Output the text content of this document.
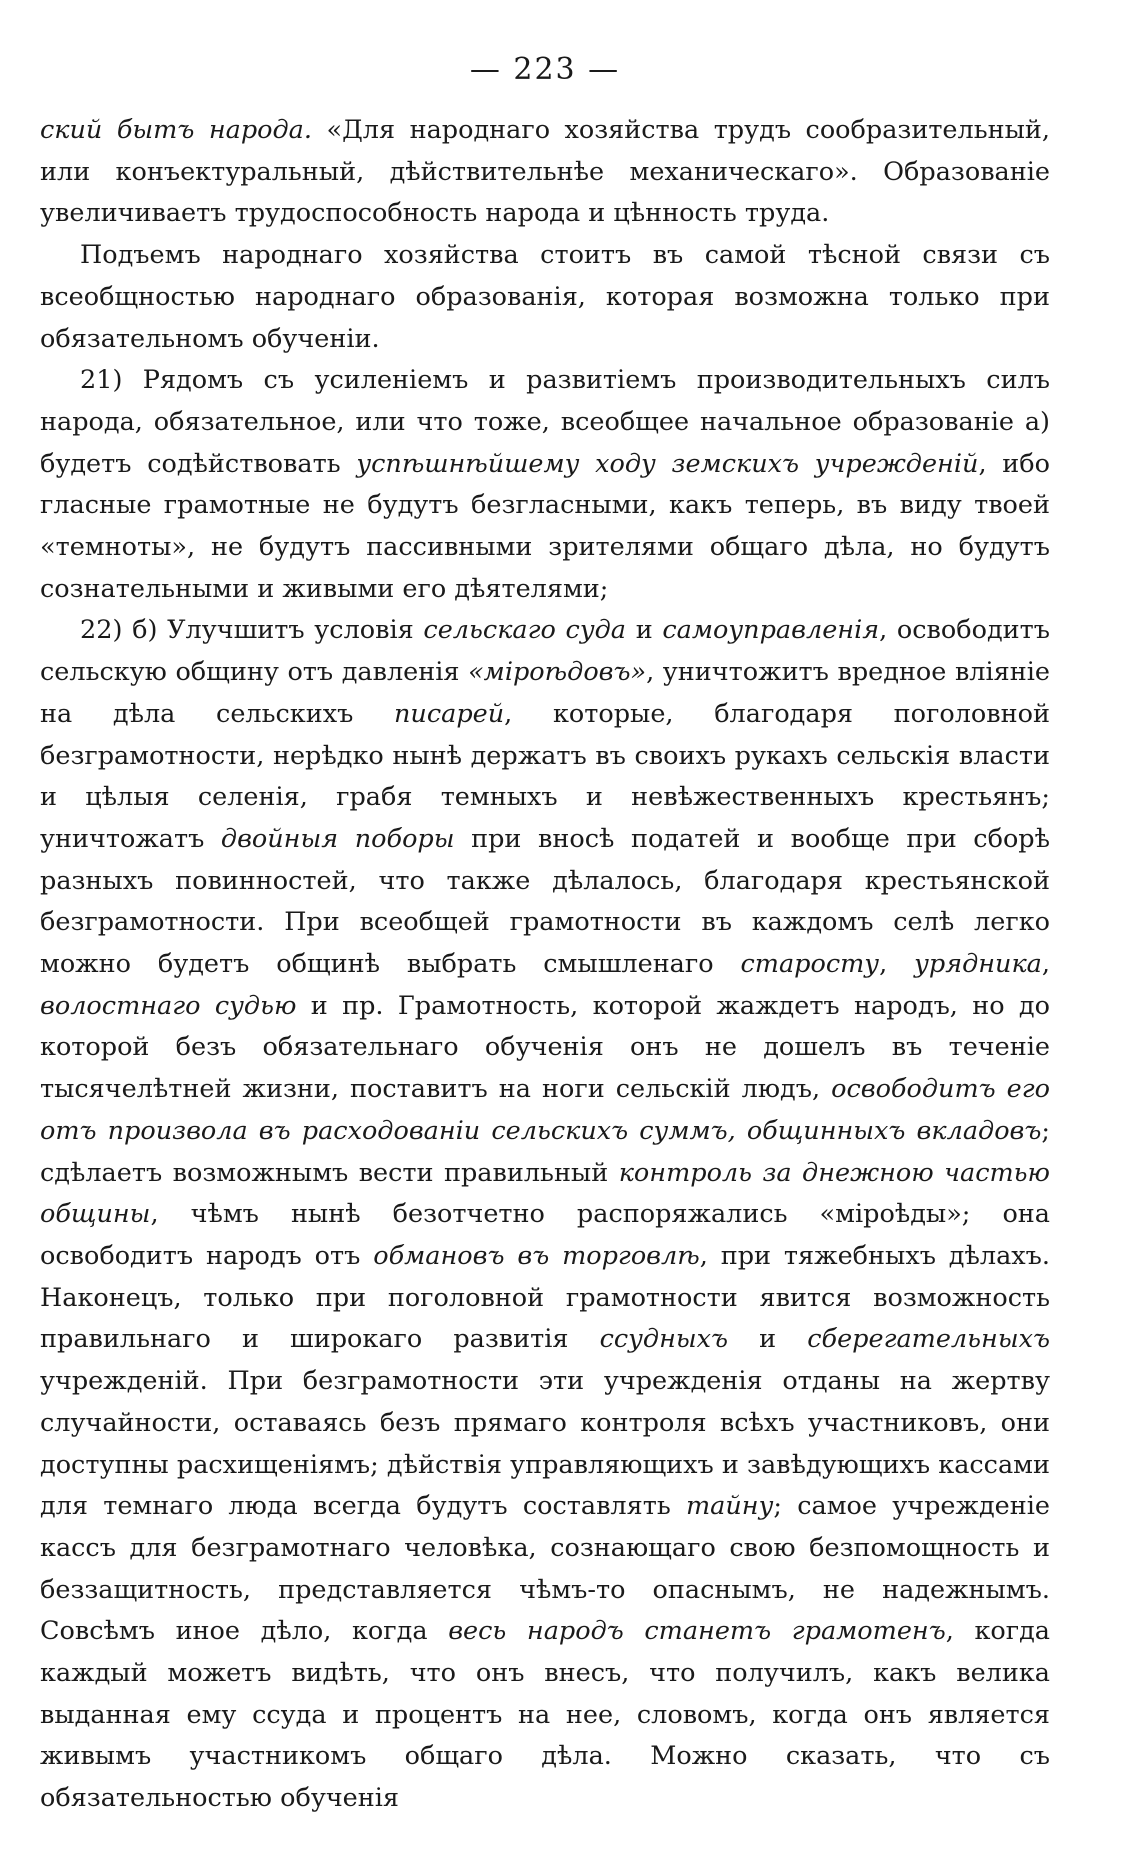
— 223 —

ский бытъ народа. «Для народнаго хозяйства трудъ сообразительный, или конъектуральный, дѣйствительнѣе механическаго». Образованіе увеличиваетъ трудоспособность народа и цѣнность труда.

Подъемъ народнаго хозяйства стоитъ въ самой тѣсной связи съ всеобщностью народнаго образованія, которая возможна только при обязательномъ обученіи.

21) Рядомъ съ усиленіемъ и развитіемъ производительныхъ силъ народа, обязательное, или что тоже, всеобщее начальное образованіе а) будетъ содѣйствовать успѣшнѣйшему ходу земскихъ учрежденій, ибо гласные грамотные не будутъ безгласными, какъ теперь, въ виду твоей «темноты», не будутъ пассивными зрителями общаго дѣла, но будутъ сознательными и живыми его дѣятелями;

22) б) Улучшитъ условія сельскаго суда и самоуправленія, освободитъ сельскую общину отъ давленія «міроѣдовъ», уничтожитъ вредное вліяніе на дѣла сельскихъ писарей, которые, благодаря поголовной безграмотности, нерѣдко нынѣ держатъ въ своихъ рукахъ сельскія власти и цѣлыя селенія, грабя темныхъ и невѣжественныхъ крестьянъ; уничтожатъ двойныя поборы при вносѣ податей и вообще при сборѣ разныхъ повинностей, что также дѣлалось, благодаря крестьянской безграмотности. При всеобщей грамотности въ каждомъ селѣ легко можно будетъ общинѣ выбрать смышленаго старосту, урядника, волостнаго судью и пр. Грамотность, которой жаждетъ народъ, но до которой безъ обязательнаго обученія онъ не дошелъ въ теченіе тысячелѣтней жизни, поставитъ на ноги сельскій людъ, освободитъ его отъ произвола въ расходованіи сельскихъ суммъ, общинныхъ вкладовъ; сдѣлаетъ возможнымъ вести правильный контроль за днежною частью общины, чѣмъ нынѣ безотчетно распоряжались «міроѣды»; она освободитъ народъ отъ обмановъ въ торговлѣ, при тяжебныхъ дѣлахъ. Наконецъ, только при поголовной грамотности явится возможность правильнаго и широкаго развитія ссудныхъ и сберегательныхъ учрежденій. При безграмотности эти учрежденія отданы на жертву случайности, оставаясь безъ прямаго контроля всѣхъ участниковъ, они доступны расхищеніямъ; дѣйствія управляющихъ и завѣдующихъ кассами для темнаго люда всегда будутъ составлять тайну; самое учрежденіе кассъ для безграмотнаго человѣка, сознающаго свою безпомощность и беззащитность, представляется чѣмъ-то опаснымъ, не надежнымъ. Совсѣмъ иное дѣло, когда весь народъ станетъ грамотенъ, когда каждый можетъ видѣть, что онъ внесъ, что получилъ, какъ велика выданная ему ссуда и процентъ на нее, словомъ, когда онъ является живымъ участникомъ общаго дѣла. Можно сказать, что съ обязательностью обученія
